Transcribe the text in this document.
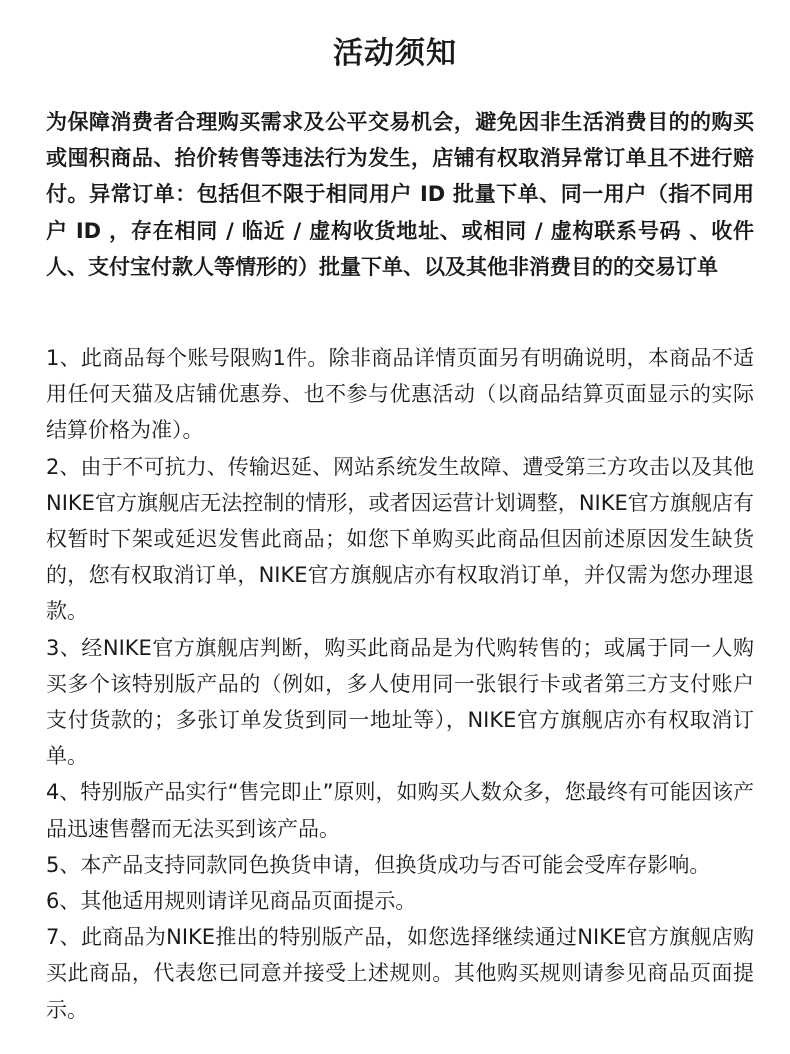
活动须知

为保障消费者合理购买需求及公平交易机会，避免因非生活消费目的的购买或囤积商品、抬价转售等违法行为发生，店铺有权取消异常订单且不进行赔付。异常订单：包括但不限于相同用户 ID 批量下单、同一用户（指不同用户 ID ，存在相同 / 临近 / 虚构收货地址、或相同 / 虚构联系号码 、收件人、支付宝付款人等情形的）批量下单、以及其他非消费目的的交易订单

1、此商品每个账号限购1件。除非商品详情页面另有明确说明，本商品不适用任何天猫及店铺优惠券、也不参与优惠活动（以商品结算页面显示的实际结算价格为准）。
2、由于不可抗力、传输迟延、网站系统发生故障、遭受第三方攻击以及其他NIKE官方旗舰店无法控制的情形，或者因运营计划调整，NIKE官方旗舰店有权暂时下架或延迟发售此商品；如您下单购买此商品但因前述原因发生缺货的，您有权取消订单，NIKE官方旗舰店亦有权取消订单，并仅需为您办理退款。
3、经NIKE官方旗舰店判断，购买此商品是为代购转售的；或属于同一人购买多个该特别版产品的（例如，多人使用同一张银行卡或者第三方支付账户支付货款的；多张订单发货到同一地址等），NIKE官方旗舰店亦有权取消订单。
4、特别版产品实行“售完即止”原则，如购买人数众多，您最终有可能因该产品迅速售罄而无法买到该产品。
5、本产品支持同款同色换货申请，但换货成功与否可能会受库存影响。
6、其他适用规则请详见商品页面提示。
7、此商品为NIKE推出的特别版产品，如您选择继续通过NIKE官方旗舰店购买此商品，代表您已同意并接受上述规则。其他购买规则请参见商品页面提示。
